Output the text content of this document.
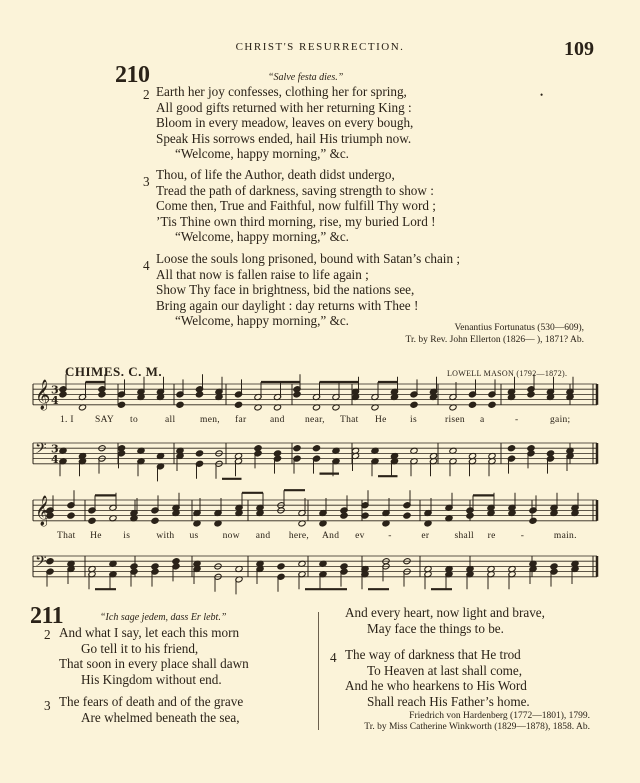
CHRIST'S RESURRECTION.	109
210	“Salve festa dies.”
2 Earth her joy confesses, clothing her for spring,
All good gifts returned with her returning King :
Bloom in every meadow, leaves on every bough,
Speak His sorrows ended, hail His triumph now.
“Welcome, happy morning,” &c.
•
3 Thou, of life the Author, death didst undergo,
Tread the path of darkness, saving strength to show :
Come then, True and Faithful, now fulfill Thy word ;
’Tis Thine own third morning, rise, my buried Lord !
“Welcome, happy morning,” &c.
4 Loose the souls long prisoned, bound with Satan’s chain ;
All that now is fallen raise to life again ;
Show Thy face in brightness, bid the nations see,
Bring again our daylight : day returns with Thee !
“Welcome, happy morning,” &c.	Venantius Fortunatus (530—609),
Tr. by Rev. John Ellerton (1826— ), 1871? Ab.
CHIMES. C. M.	LOWELL MASON (1792—1872).
𝄞 3
4
𝄢 3
4
𝄞
𝄢
1. I SAY to	all	men, far and near, That He is	risen a	-	gain;
That He is	with us	now and here, And ev -	er	shall re	-	main.
211	“Ich sage jedem, dass Er lebt.”
2 And what I say, let each this morn
Go tell it to his friend,
That soon in every place shall dawn
His Kingdom without end.
3 The fears of death and of the grave
Are whelmed beneath the sea,
And every heart, now light and brave,
May face the things to be.
4 The way of darkness that He trod
To Heaven at last shall come,
And he who hearkens to His Word
Shall reach His Father’s home.
Friedrich von Hardenberg (1772—1801), 1799.
Tr. by Miss Catherine Winkworth (1829—1878), 1858. Ab.
